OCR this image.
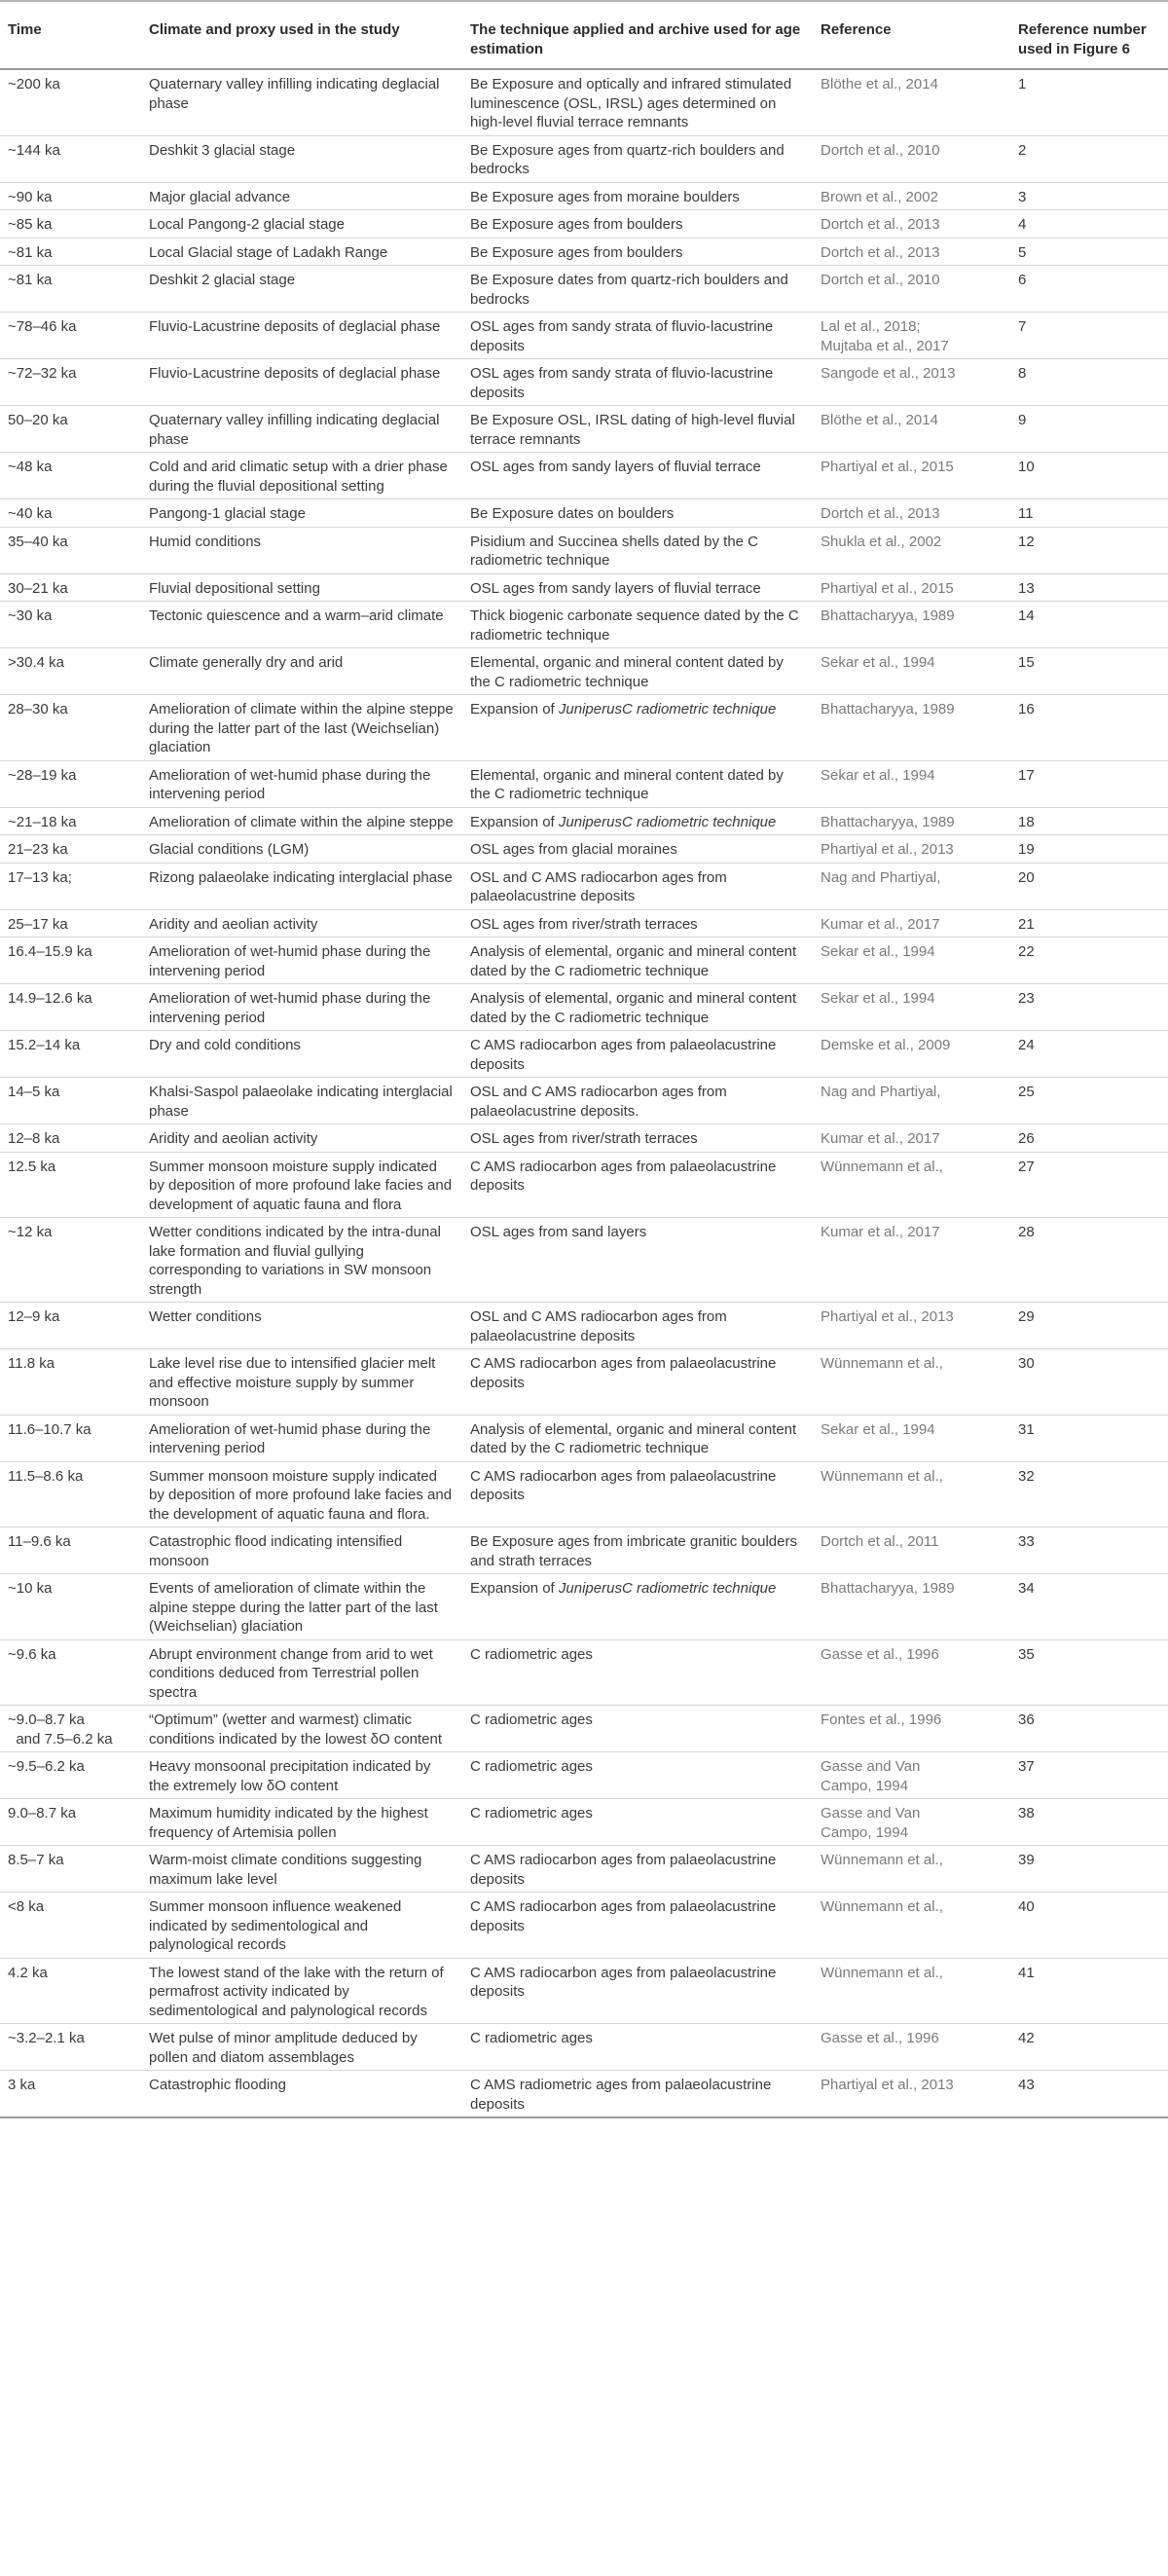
Time	Climate and proxy used in the study	The technique applied and archive used for age estimation	Reference	Reference number used in Figure 6
~200 ka	Quaternary valley infilling indicating deglacial phase	Be Exposure and optically and infrared stimulated luminescence (OSL, IRSL) ages determined on high-level fluvial terrace remnants	Blöthe et al., 2014	1
~144 ka	Deshkit 3 glacial stage	Be Exposure ages from quartz-rich boulders and bedrocks	Dortch et al., 2010	2
~90 ka	Major glacial advance	Be Exposure ages from moraine boulders	Brown et al., 2002	3
~85 ka	Local Pangong-2 glacial stage	Be Exposure ages from boulders	Dortch et al., 2013	4
~81 ka	Local Glacial stage of Ladakh Range	Be Exposure ages from boulders	Dortch et al., 2013	5
~81 ka	Deshkit 2 glacial stage	Be Exposure dates from quartz-rich boulders and bedrocks	Dortch et al., 2010	6
~78–46 ka	Fluvio-Lacustrine deposits of deglacial phase	OSL ages from sandy strata of fluvio-lacustrine deposits	Lal et al., 2018;
Mujtaba et al., 2017	7
~72–32 ka	Fluvio-Lacustrine deposits of deglacial phase	OSL ages from sandy strata of fluvio-lacustrine deposits	Sangode et al., 2013	8
50–20 ka	Quaternary valley infilling indicating deglacial phase	Be Exposure OSL, IRSL dating of high-level fluvial terrace remnants	Blöthe et al., 2014	9
~48 ka	Cold and arid climatic setup with a drier phase during the fluvial depositional setting	OSL ages from sandy layers of fluvial terrace	Phartiyal et al., 2015	10
~40 ka	Pangong-1 glacial stage	Be Exposure dates on boulders	Dortch et al., 2013	11
35–40 ka	Humid conditions	Pisidium and Succinea shells dated by the C radiometric technique	Shukla et al., 2002	12
30–21 ka	Fluvial depositional setting	OSL ages from sandy layers of fluvial terrace	Phartiyal et al., 2015	13
~30 ka	Tectonic quiescence and a warm–arid climate	Thick biogenic carbonate sequence dated by the C radiometric technique	Bhattacharyya, 1989	14
>30.4 ka	Climate generally dry and arid	Elemental, organic and mineral content dated by the C radiometric technique	Sekar et al., 1994	15
28–30 ka	Amelioration of climate within the alpine steppe during the latter part of the last (Weichselian) glaciation	Expansion of JuniperusC radiometric technique	Bhattacharyya, 1989	16
~28–19 ka	Amelioration of wet-humid phase during the intervening period	Elemental, organic and mineral content dated by the C radiometric technique	Sekar et al., 1994	17
~21–18 ka	Amelioration of climate within the alpine steppe	Expansion of JuniperusC radiometric technique	Bhattacharyya, 1989	18
21–23 ka	Glacial conditions (LGM)	OSL ages from glacial moraines	Phartiyal et al., 2013	19
17–13 ka;	Rizong palaeolake indicating interglacial phase	OSL and C AMS radiocarbon ages from palaeolacustrine deposits	Nag and Phartiyal,	20
25–17 ka	Aridity and aeolian activity	OSL ages from river/strath terraces	Kumar et al., 2017	21
16.4–15.9 ka	Amelioration of wet-humid phase during the intervening period	Analysis of elemental, organic and mineral content dated by the C radiometric technique	Sekar et al., 1994	22
14.9–12.6 ka	Amelioration of wet-humid phase during the intervening period	Analysis of elemental, organic and mineral content dated by the C radiometric technique	Sekar et al., 1994	23
15.2–14 ka	Dry and cold conditions	C AMS radiocarbon ages from palaeolacustrine deposits	Demske et al., 2009	24
14–5 ka	Khalsi-Saspol palaeolake indicating interglacial phase	OSL and C AMS radiocarbon ages from palaeolacustrine deposits.	Nag and Phartiyal,	25
12–8 ka	Aridity and aeolian activity	OSL ages from river/strath terraces	Kumar et al., 2017	26
12.5 ka	Summer monsoon moisture supply indicated by deposition of more profound lake facies and development of aquatic fauna and flora	C AMS radiocarbon ages from palaeolacustrine deposits	Wünnemann et al.,	27
~12 ka	Wetter conditions indicated by the intra-dunal lake formation and fluvial gullying corresponding to variations in SW monsoon strength	OSL ages from sand layers	Kumar et al., 2017	28
12–9 ka	Wetter conditions	OSL and C AMS radiocarbon ages from palaeolacustrine deposits	Phartiyal et al., 2013	29
11.8 ka	Lake level rise due to intensified glacier melt and effective moisture supply by summer monsoon	C AMS radiocarbon ages from palaeolacustrine deposits	Wünnemann et al.,	30
11.6–10.7 ka	Amelioration of wet-humid phase during the intervening period	Analysis of elemental, organic and mineral content dated by the C radiometric technique	Sekar et al., 1994	31
11.5–8.6 ka	Summer monsoon moisture supply indicated by deposition of more profound lake facies and the development of aquatic fauna and flora.	C AMS radiocarbon ages from palaeolacustrine deposits	Wünnemann et al.,	32
11–9.6 ka	Catastrophic flood indicating intensified monsoon	Be Exposure ages from imbricate granitic boulders and strath terraces	Dortch et al., 2011	33
~10 ka	Events of amelioration of climate within the alpine steppe during the latter part of the last (Weichselian) glaciation	Expansion of JuniperusC radiometric technique	Bhattacharyya, 1989	34
~9.6 ka	Abrupt environment change from arid to wet conditions deduced from Terrestrial pollen spectra	C radiometric ages	Gasse et al., 1996	35
~9.0–8.7 ka
and 7.5–6.2 ka	“Optimum” (wetter and warmest) climatic conditions indicated by the lowest δO content	C radiometric ages	Fontes et al., 1996	36
~9.5–6.2 ka	Heavy monsoonal precipitation indicated by the extremely low δO content	C radiometric ages	Gasse and Van
Campo, 1994	37
9.0–8.7 ka	Maximum humidity indicated by the highest frequency of Artemisia pollen	C radiometric ages	Gasse and Van
Campo, 1994	38
8.5–7 ka	Warm-moist climate conditions suggesting maximum lake level	C AMS radiocarbon ages from palaeolacustrine deposits	Wünnemann et al.,	39
<8 ka	Summer monsoon influence weakened indicated by sedimentological and palynological records	C AMS radiocarbon ages from palaeolacustrine deposits	Wünnemann et al.,	40
4.2 ka	The lowest stand of the lake with the return of permafrost activity indicated by sedimentological and palynological records	C AMS radiocarbon ages from palaeolacustrine deposits	Wünnemann et al.,	41
~3.2–2.1 ka	Wet pulse of minor amplitude deduced by pollen and diatom assemblages	C radiometric ages	Gasse et al., 1996	42
3 ka	Catastrophic flooding	C AMS radiometric ages from palaeolacustrine deposits	Phartiyal et al., 2013	43
